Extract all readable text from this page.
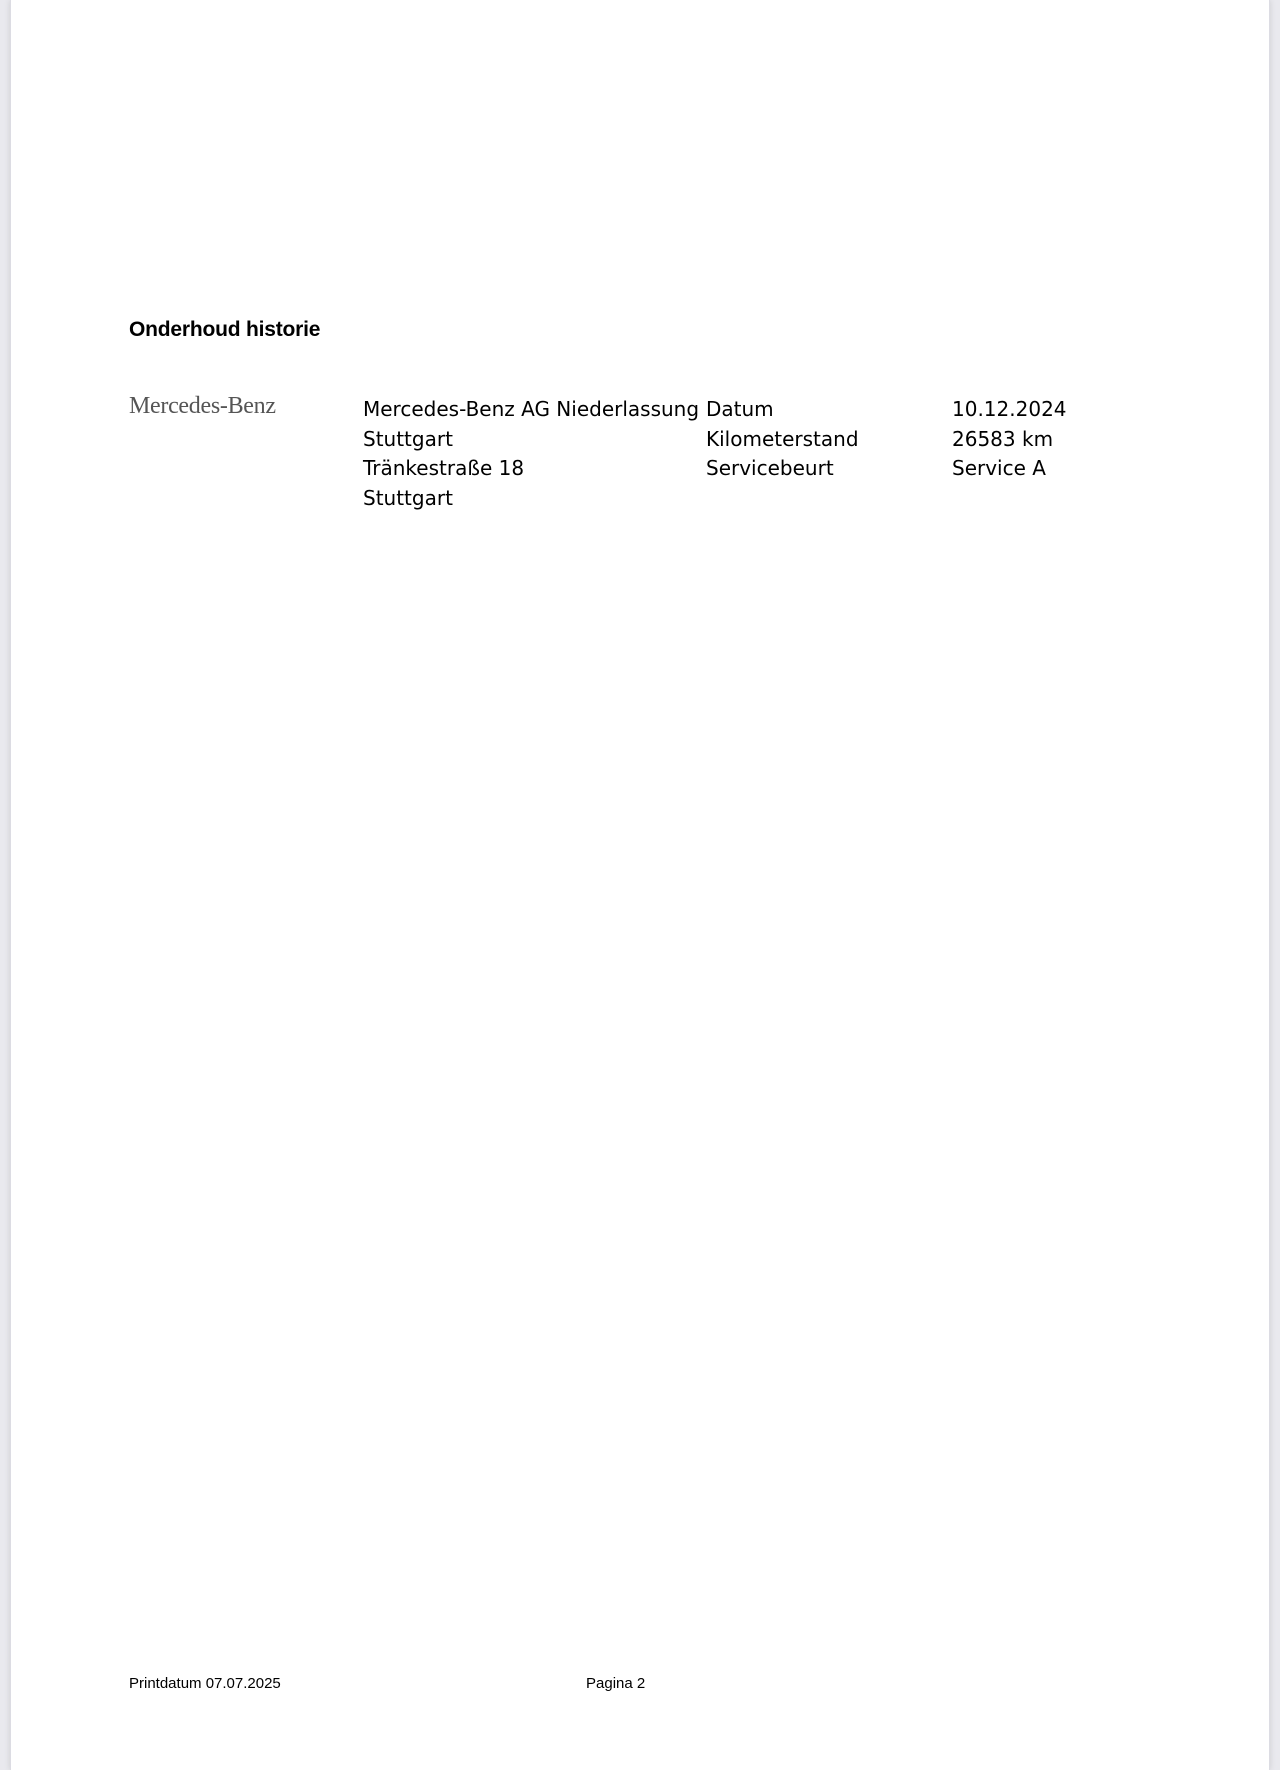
Onderhoud historie
Mercedes-Benz	Mercedes-Benz AG Niederlassung
Stuttgart
Tränkestraße 18
Stuttgart
Datum
Kilometerstand
Servicebeurt
10.12.2024
26583 km
Service A
Printdatum 07.07.2025	Pagina 2
